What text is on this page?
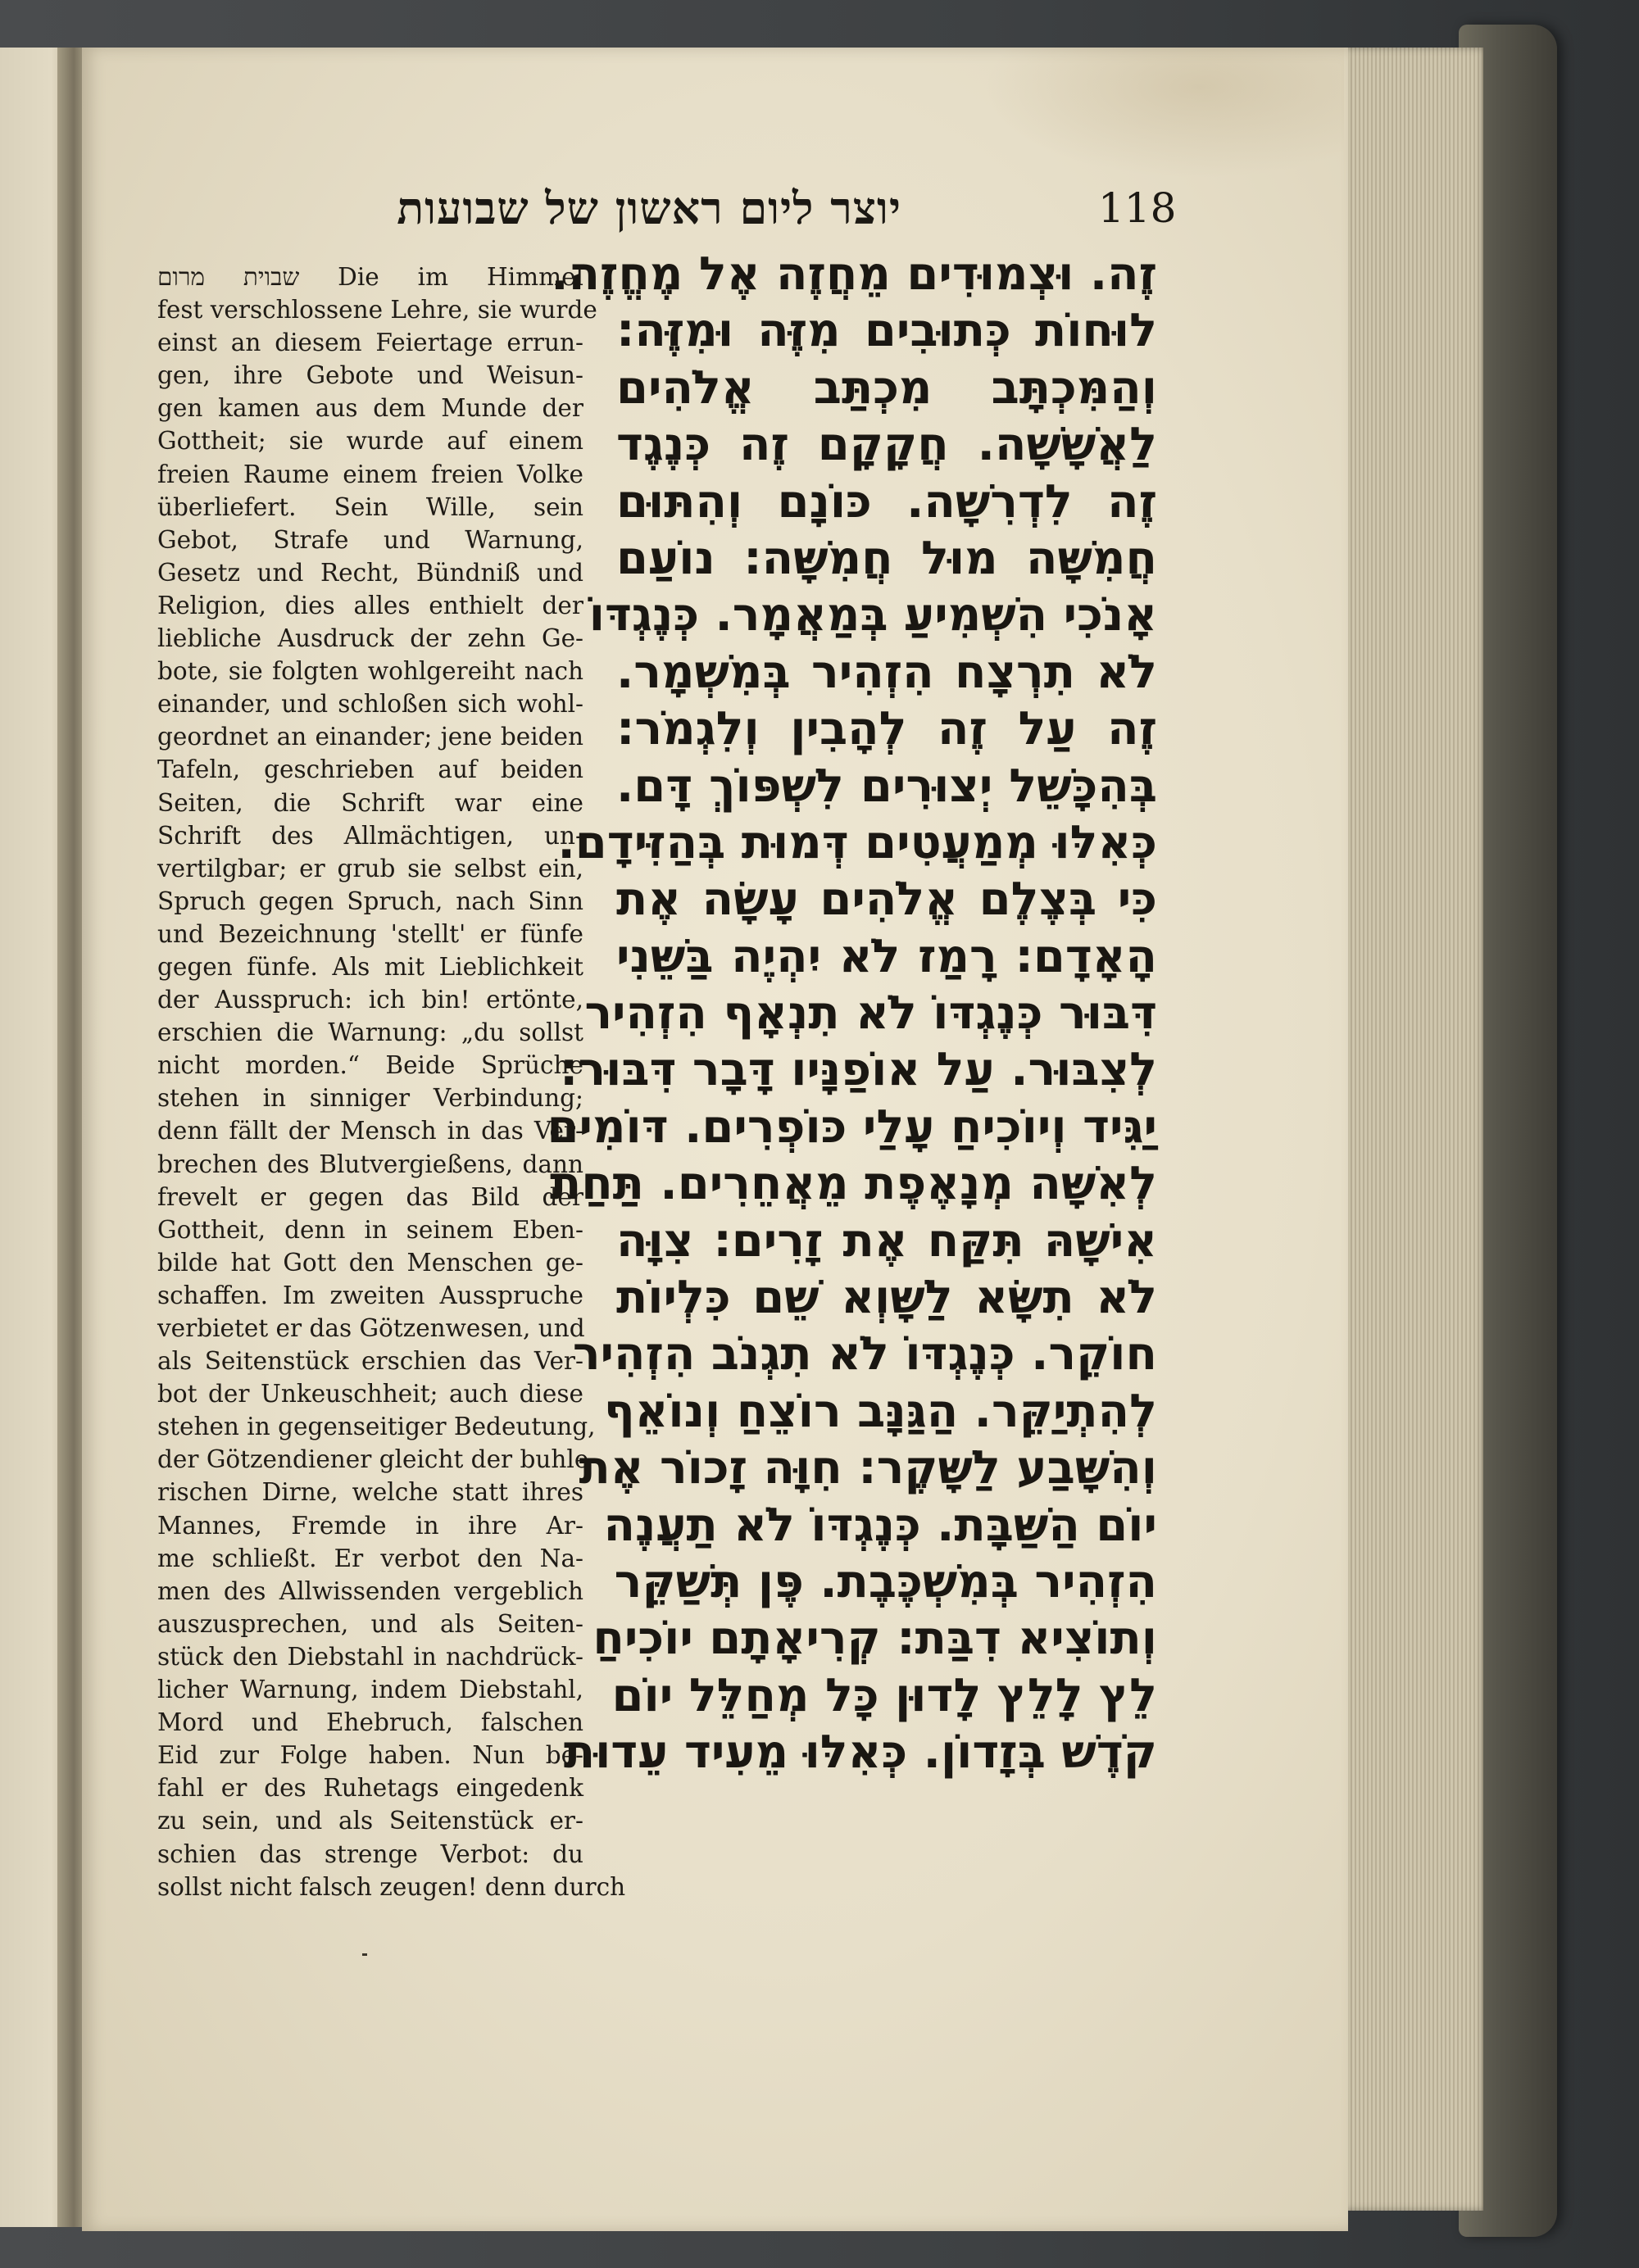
יוצר ליום ראשון של שבועות	118
שבוית מרום Die im Himmel
fest verschlossene Lehre, sie wurde
einst an diesem Feiertage errun-
gen, ihre Gebote und Weisun-
gen kamen aus dem Munde der
Gottheit; sie wurde auf einem
freien Raume einem freien Volke
überliefert. Sein Wille, sein
Gebot, Strafe und Warnung,
Gesetz und Recht, Bündniß und
Religion, dies alles enthielt der
liebliche Ausdruck der zehn Ge-
bote, sie folgten wohlgereiht nach
einander, und schloßen sich wohl-
geordnet an einander; jene beiden
Tafeln, geschrieben auf beiden
Seiten, die Schrift war eine
Schrift des Allmächtigen, un-
vertilgbar; er grub sie selbst ein,
Spruch gegen Spruch, nach Sinn
und Bezeichnung 'stellt' er fünfe
gegen fünfe. Als mit Lieblichkeit
der Ausspruch: ich bin! ertönte,
erschien die Warnung: „du sollst
nicht morden.“ Beide Sprüche
stehen in sinniger Verbindung;
denn fällt der Mensch in das Ver-
brechen des Blutvergießens, dann
frevelt er gegen das Bild der
Gottheit, denn in seinem Eben-
bilde hat Gott den Menschen ge-
schaffen. Im zweiten Ausspruche
verbietet er das Götzenwesen, und
als Seitenstück erschien das Ver-
bot der Unkeuschheit; auch diese
stehen in gegenseitiger Bedeutung,
der Götzendiener gleicht der buhle-
rischen Dirne, welche statt ihres
Mannes, Fremde in ihre Ar-
me schließt. Er verbot den Na-
men des Allwissenden vergeblich
auszusprechen, und als Seiten-
stück den Diebstahl in nachdrück-
licher Warnung, indem Diebstahl,
Mord und Ehebruch, falschen
Eid zur Folge haben. Nun be-
fahl er des Ruhetags eingedenk
zu sein, und als Seitenstück er-
schien das strenge Verbot: du
sollst nicht falsch zeugen! denn durch
זֶה. וּצְמוּדִים מֵחֲזֶה אֶל מֶחֱזֶה.
לוּחוֹת כְּתוּבִים מִזֶּה וּמִזֶּה:
וְהַמִּכְתָּב מִכְתַּב אֱלֹהִים
לַאֲשָׁשָׁה. חֲקָקָם זֶה כְּנֶגֶד
זֶה לִדְרִשָׁה. כּוֹנָם וְהִתּוּם
חֲמִשָּׁה מוּל חֲמִשָּׁה: נוֹעַם
אָנֹכִי הִשְׁמִיעַ בְּמַאֲמָר. כְּנֶגְדּוֹ
לֹא תִרְצָח הִזְהִיר בְּמִשְׁמָר.
זֶה עַל זֶה לְהָבִין וְלִגְמֹר:
בְּהִכָּשֵׁל יְצוּרִים לִשְׁפּוֹךְ דָּם.
כְּאִלּוּ מְמַעֲטִים דְּמוּת בְּהַזִּידָם.
כִּי בְּצֶלֶם אֱלֹהִים עָשָׂה אֶת
הָאָדָם: רָמַז לֹא יִהְיֶה בַּשֵּׁנִי
דִּבּוּר כְּנֶגְדּוֹ לֹא תִנְאָף הִזְהִיר
לְצִבּוּר. עַל אוֹפַנָּיו דָּבָר דִּבּוּר:
יַגִּיד וְיוֹכִיחַ עָלַי כּוֹפְרִים. דּוֹמִים
לְאִשָּׁה מְנָאֶפֶת מֵאֲחֵרִים. תַּחַת
אִישָׁהּ תִּקַּח אֶת זָרִים: צִוָּה
לֹא תִשָּׂא לַשָּׁוְא שֵׁם כִּלְיוֹת
חוֹקֵר. כְּנֶגְדּוֹ לֹא תִגְנֹב הִזְהִיר
לְהִתְיַקֵּר. הַגַּנָּב רוֹצֵחַ וְנוֹאֵף
וְהִשָּׁבַע לַשָּׁקֶר: חִוָּה זָכוֹר אֶת
יוֹם הַשַּׁבָּת. כְּנֶגְדּוֹ לֹא תַעֲנֶה
הִזְהִיר בְּמִשְׁכֶּבֶת. פֶּן תְּשַׁקֵּר
וְתוֹצִיא דִבַּת: קְרִיאָתָם יוֹכִיחַ
לֵץ לָלֵץ לָדוּן כָּל מְחַלֵּל יוֹם
קֹדֶשׁ בְּזָדוֹן. כְּאִלּוּ מֵעִיד עֵדוּת
